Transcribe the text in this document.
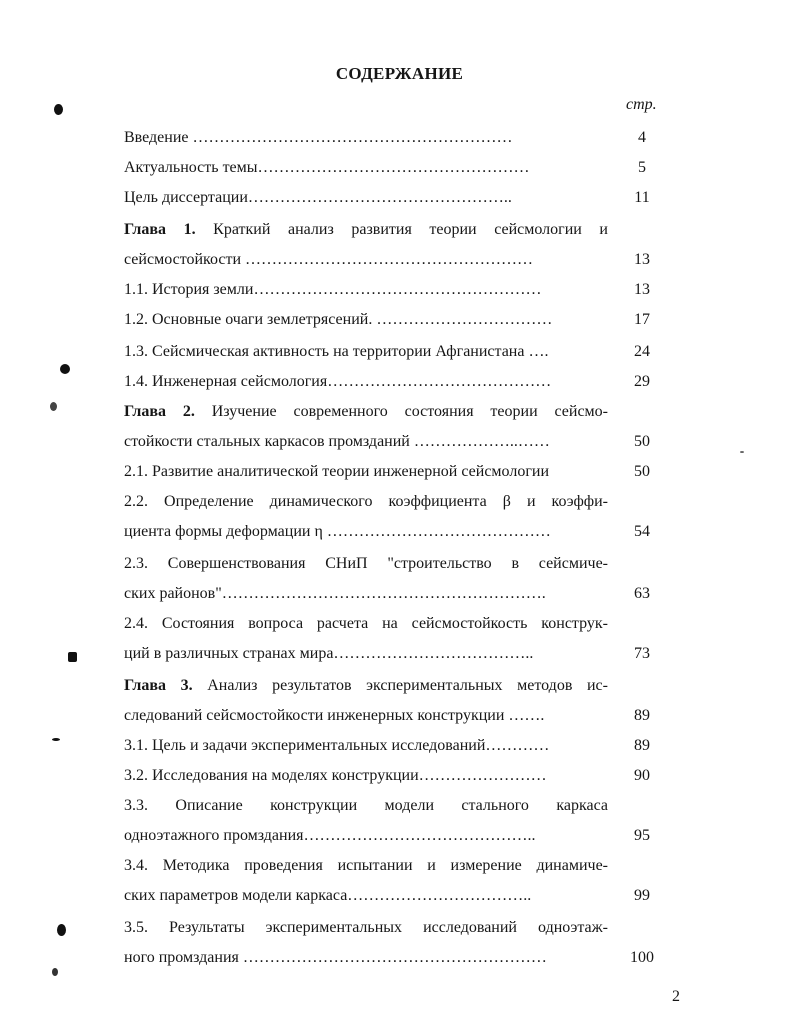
СОДЕРЖАНИЕ
стр.
Введение ……………………………………………………	4
Актуальность темы……………………………………………	5
Цель диссертации…………………………………………..	11
Глава 1. Краткий анализ развития теории сейсмологии и
сейсмостойкости ………………………………………………	13
1.1. История земли………………………………………………	13
1.2. Основные очаги землетрясений. ……………………………	17
1.3. Сейсмическая активность на территории Афганистана ….	24
1.4. Инженерная сейсмология……………………………………	29
Глава 2. Изучение современного состояния теории сейсмо-
стойкости стальных каркасов промзданий ………………..……	50
2.1. Развитие аналитической теории инженерной сейсмологии	50
2.2. Определение динамического коэффициента β и коэффи-
циента формы деформации η ……………………………………	54
2.3. Совершенствования СНиП "строительство в сейсмиче-
ских районов"…………………………………………………….	63
2.4. Состояния вопроса расчета на сейсмостойкость конструк-
ций в различных странах мира………………………………..	73
Глава 3. Анализ результатов экспериментальных методов ис-
следований сейсмостойкости инженерных конструкции …….	89
3.1. Цель и задачи экспериментальных исследований…………	89
3.2. Исследования на моделях конструкции……………………	90
3.3. Описание конструкции модели стального каркаса
одноэтажного промздания……………………………………..	95
3.4. Методика проведения испытании и измерение динамиче-
ских параметров модели каркаса……………………………..	99
3.5. Результаты экспериментальных исследований одноэтаж-
ного промздания …………………………………………………	100
2
